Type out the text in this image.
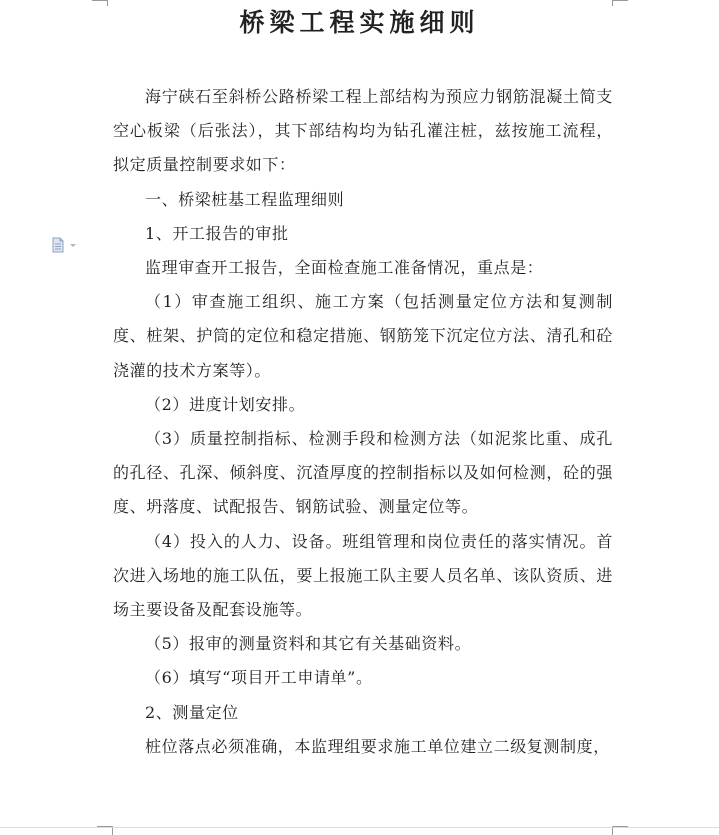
桥梁工程实施细则

海宁硖石至斜桥公路桥梁工程上部结构为预应力钢筋混凝土简支空心板梁（后张法），其下部结构均为钻孔灌注桩，兹按施工流程，拟定质量控制要求如下：

一、桥梁桩基工程监理细则

1、开工报告的审批

监理审查开工报告，全面检查施工准备情况，重点是：

（1）审查施工组织、施工方案（包括测量定位方法和复测制度、桩架、护筒的定位和稳定措施、钢筋笼下沉定位方法、清孔和砼浇灌的技术方案等）。

（2）进度计划安排。

（3）质量控制指标、检测手段和检测方法（如泥浆比重、成孔的孔径、孔深、倾斜度、沉渣厚度的控制指标以及如何检测，砼的强度、坍落度、试配报告、钢筋试验、测量定位等。

（4）投入的人力、设备。班组管理和岗位责任的落实情况。首次进入场地的施工队伍，要上报施工队主要人员名单、该队资质、进场主要设备及配套设施等。

（5）报审的测量资料和其它有关基础资料。

（6）填写“项目开工申请单”。

2、测量定位

桩位落点必须准确，本监理组要求施工单位建立二级复测制度，
